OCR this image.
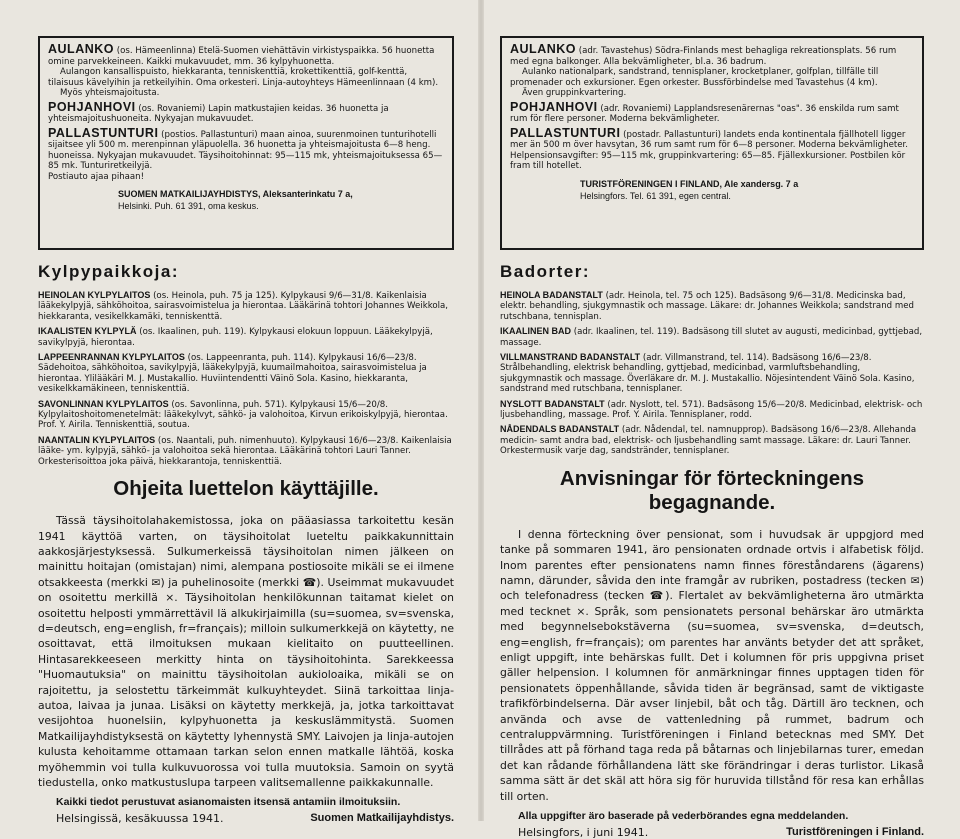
AULANKO (os. Hämeenlinna) Etelä-Suomen viehättävin virkistyspaikka. 56 huonetta omine parvekkeineen. Kaikki mukavuudet, mm. 36 kylpyhuonetta.
Aulangon kansallispuisto, hiekkaranta, tenniskenttiä, krokettikenttiä, golf-kenttä, tilaisuus kävelyihin ja retkeilyihin. Oma orkesteri. Linja-autoyhteys Hämeenlinnaan (4 km).
Myös yhteismajoitusta.
POHJANHOVI (os. Rovaniemi) Lapin matkustajien keidas. 36 huonetta ja yhteismajoitushuoneita. Nykyajan mukavuudet.
PALLASTUNTURI (postios. Pallastunturi) maan ainoa, suurenmoinen tunturihotelli sijaitsee yli 500 m. merenpinnan yläpuolella. 36 huonetta ja yhteismajoitusta 6—8 heng. huoneissa. Nykyajan mukavuudet. Täysihoitohinnat: 95—115 mk, yhteismajoituksessa 65—85 mk. Tunturiretkeilyjä.
Postiauto ajaa pihaan!
SUOMEN MATKAILIJAYHDISTYS, Aleksanterinkatu 7 a,
Helsinki. Puh. 61 391, oma keskus.
Kylpypaikkoja:
HEINOLAN KYLPYLAITOS (os. Heinola, puh. 75 ja 125). Kylpykausi 9/6—31/8. Kaikenlaisia lääkekylpyjä, sähköhoitoa, sairasvoimistelua ja hierontaa. Lääkärinä tohtori Johannes Weikkola, hiekkaranta, vesikelkkamäki, tenniskenttä.
IKAALISTEN KYLPYLÄ (os. Ikaalinen, puh. 119). Kylpykausi elokuun loppuun. Lääkekylpyjä, savikylpyjä, hierontaa.
LAPPEENRANNAN KYLPYLAITOS (os. Lappeenranta, puh. 114). Kylpykausi 16/6—23/8. Sädehoitoa, sähköhoitoa, savikylpyjä, lääkekylpyjä, kuumailmahoitoa, sairasvoimistelua ja hierontaa. Ylilääkäri M. J. Mustakallio. Huviintendentti Väinö Sola. Kasino, hiekkaranta, vesikelkkamäkineen, tenniskenttiä.
SAVONLINNAN KYLPYLAITOS (os. Savonlinna, puh. 571). Kylpykausi 15/6—20/8. Kylpylaitoshoitomenetelmät: lääkekylvyt, sähkö- ja valohoitoa, Kirvun erikoiskylpyjä, hierontaa. Prof. Y. Airila. Tenniskenttiä, soutua.
NAANTALIN KYLPYLAITOS (os. Naantali, puh. nimenhuuto). Kylpykausi 16/6—23/8. Kaikenlaisia lääke- ym. kylpyjä, sähkö- ja valohoitoa sekä hierontaa. Lääkärinä tohtori Lauri Tanner. Orkesterisoittoa joka päivä, hiekkarantoja, tenniskenttiä.
Ohjeita luettelon käyttäjille.

Tässä täysihoitolahakemistossa, joka on pääasiassa tarkoitettu kesän 1941 käyttöä varten, on täysihoitolat lueteltu paikkakunnittain aakkosjärjestyksessä. Sulkumerkeissä täysihoitolan nimen jälkeen on mainittu hoitajan (omistajan) nimi, alempana postiosoite mikäli se ei ilmene otsakkeesta (merkki ✉) ja puhelinosoite (merkki ☎). Useimmat mukavuudet on osoitettu merkillä ×. Täysihoitolan henkilökunnan taitamat kielet on osoitettu helposti ymmärrettävil lä alkukirjaimilla (su=suomea, sv=svenska, d=deutsch, eng=english, fr=français); milloin sulkumerkkejä on käytetty, ne osoittavat, että ilmoituksen mukaan kielitaito on puutteellinen. Hintasarekkeeseen merkitty hinta on täysihoitohinta. Sarekkeessa "Huomautuksia" on mainittu täysihoitolan aukioloaika, mikäli se on rajoitettu, ja selostettu tärkeimmät kulkuyhteydet. Siinä tarkoittaa linja-autoa, laivaa ja junaa. Lisäksi on käytetty merkkejä, ja, jotka tarkoittavat vesijohtoa huonelsiin, kylpyhuonetta ja keskuslämmitystä. Suomen Matkailijayhdistyksestä on käytetty lyhennystä SMY. Laivojen ja linja-autojen kulusta kehoitamme ottamaan tarkan selon ennen matkalle lähtöä, koska myöhemmin voi tulla kulkuvuorossa voi tulla muutoksia. Samoin on syytä tiedustella, onko matkustuslupa tarpeen valitsemallenne paikkakunnalle.

Kaikki tiedot perustuvat asianomaisten itsensä antamiin ilmoituksiin.
Helsingissä, kesäkuussa 1941.	Suomen Matkailijayhdistys.
AULANKO (adr. Tavastehus) Södra-Finlands mest behagliga rekreationsplats. 56 rum med egna balkonger. Alla bekvämligheter, bl.a. 36 badrum.
Aulanko nationalpark, sandstrand, tennisplaner, krocketplaner, golfplan, tillfälle till promenader och exkursioner. Egen orkester. Bussförbindelse med Tavastehus (4 km).
Även gruppinkvartering.
POHJANHOVI (adr. Rovaniemi) Lapplandsresenärernas "oas". 36 enskilda rum samt rum för flere personer. Moderna bekvämligheter.
PALLASTUNTURI (postadr. Pallastunturi) landets enda kontinentala fjällhotell ligger mer än 500 m över havsytan, 36 rum samt rum för 6—8 personer. Moderna bekvämligheter. Helpensionsavgifter: 95—115 mk, gruppinkvartering: 65—85. Fjällexkursioner. Postbilen kör fram till hotellet.
TURISTFÖRENINGEN I FINLAND, Ale xandersg. 7 a
Helsingfors. Tel. 61 391, egen central.
Badorter:
HEINOLA BADANSTALT (adr. Heinola, tel. 75 och 125). Badsäsong 9/6—31/8. Medicinska bad, elektr. behandling, sjukgymnastik och massage. Läkare: dr. Johannes Weikkola; sandstrand med rutschbana, tennisplan.
IKAALINEN BAD (adr. Ikaalinen, tel. 119). Badsäsong till slutet av augusti, medicinbad, gyttjebad, massage.
VILLMANSTRAND BADANSTALT (adr. Villmanstrand, tel. 114). Badsäsong 16/6—23/8. Strålbehandling, elektrisk behandling, gyttjebad, medicinbad, varmluftsbehandling, sjukgymnastik och massage. Överläkare dr. M. J. Mustakallio. Nöjesintendent Väinö Sola. Kasino, sandstrand med rutschbana, tennisplaner.
NYSLOTT BADANSTALT (adr. Nyslott, tel. 571). Badsäsong 15/6—20/8. Medicinbad, elektrisk- och ljusbehandling, massage. Prof. Y. Airila. Tennisplaner, rodd.
NÅDENDALS BADANSTALT (adr. Nådendal, tel. namnupprop). Badsäsong 16/6—23/8. Allehanda medicin- samt andra bad, elektrisk- och ljusbehandling samt massage. Läkare: dr. Lauri Tanner. Orkestermusik varje dag, sandstränder, tennisplaner.
Anvisningar för förteckningens begagnande.

I denna förteckning över pensionat, som i huvudsak är uppgjord med tanke på sommaren 1941, äro pensionaten ordnade ortvis i alfabetisk följd. Inom parentes efter pensionatens namn finnes föreståndarens (ägarens) namn, därunder, såvida den inte framgår av rubriken, postadress (tecken ✉) och telefonadress (tecken ☎). Flertalet av bekvämligheterna äro utmärkta med tecknet ×. Språk, som pensionatets personal behärskar äro utmärkta med begynnelsebokstäverna (su=suomea, sv=svenska, d=deutsch, eng=english, fr=français); om parentes har använts betyder det att språket, enligt uppgift, inte behärskas fullt. Det i kolumnen för pris uppgivna priset gäller helpension. I kolumnen för anmärkningar finnes upptagen tiden för pensionatets öppenhållande, såvida tiden är begränsad, samt de viktigaste trafikförbindelserna. Där avser linjebil, båt och tåg. Därtill äro tecknen, och använda och avse de vattenledning på rummet, badrum och centraluppvärmning. Turistföreningen i Finland betecknas med SMY. Det tillrådes att på förhand taga reda på båtarnas och linjebilarnas turer, emedan det kan rådande förhållandena lätt ske förändringar i deras turlistor. Likaså samma sätt är det skäl att höra sig för huruvida tillstånd för resa kan erhållas till orten.

Alla uppgifter äro baserade på vederbörandes egna meddelanden.
Helsingfors, i juni 1941.	Turistföreningen i Finland.
